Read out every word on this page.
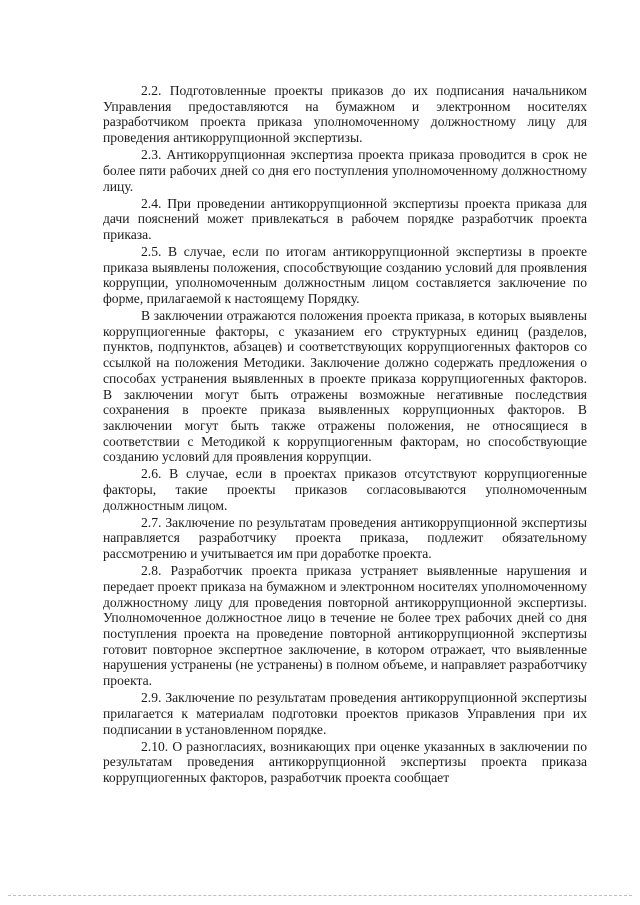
2.2. Подготовленные проекты приказов до их подписания начальником Управления предоставляются на бумажном и электронном носителях разработчиком проекта приказа уполномоченному должностному лицу для проведения антикоррупционной экспертизы.

2.3. Антикоррупционная экспертиза проекта приказа проводится в срок не более пяти рабочих дней со дня его поступления уполномоченному должностному лицу.

2.4. При проведении антикоррупционной экспертизы проекта приказа для дачи пояснений может привлекаться в рабочем порядке разработчик проекта приказа.

2.5. В случае, если по итогам антикоррупционной экспертизы в проекте приказа выявлены положения, способствующие созданию условий для проявления коррупции, уполномоченным должностным лицом составляется заключение по форме, прилагаемой к настоящему Порядку.

В заключении отражаются положения проекта приказа, в которых выявлены коррупциогенные факторы, с указанием его структурных единиц (разделов, пунктов, подпунктов, абзацев) и соответствующих коррупциогенных факторов со ссылкой на положения Методики. Заключение должно содержать предложения о способах устранения выявленных в проекте приказа коррупциогенных факторов. В заключении могут быть отражены возможные негативные последствия сохранения в проекте приказа выявленных коррупционных факторов. В заключении могут быть также отражены положения, не относящиеся в соответствии с Методикой к коррупциогенным факторам, но способствующие созданию условий для проявления коррупции.

2.6. В случае, если в проектах приказов отсутствуют коррупциогенные факторы, такие проекты приказов согласовываются уполномоченным должностным лицом.

2.7. Заключение по результатам проведения антикоррупционной экспертизы направляется разработчику проекта приказа, подлежит обязательному рассмотрению и учитывается им при доработке проекта.

2.8. Разработчик проекта приказа устраняет выявленные нарушения и передает проект приказа на бумажном и электронном носителях уполномоченному должностному лицу для проведения повторной антикоррупционной экспертизы. Уполномоченное должностное лицо в течение не более трех рабочих дней со дня поступления проекта на проведение повторной антикоррупционной экспертизы готовит повторное экспертное заключение, в котором отражает, что выявленные нарушения устранены (не устранены) в полном объеме, и направляет разработчику проекта.

2.9. Заключение по результатам проведения антикоррупционной экспертизы прилагается к материалам подготовки проектов приказов Управления при их подписании в установленном порядке.

2.10. О разногласиях, возникающих при оценке указанных в заключении по результатам проведения антикоррупционной экспертизы проекта приказа коррупциогенных факторов, разработчик проекта сообщает
